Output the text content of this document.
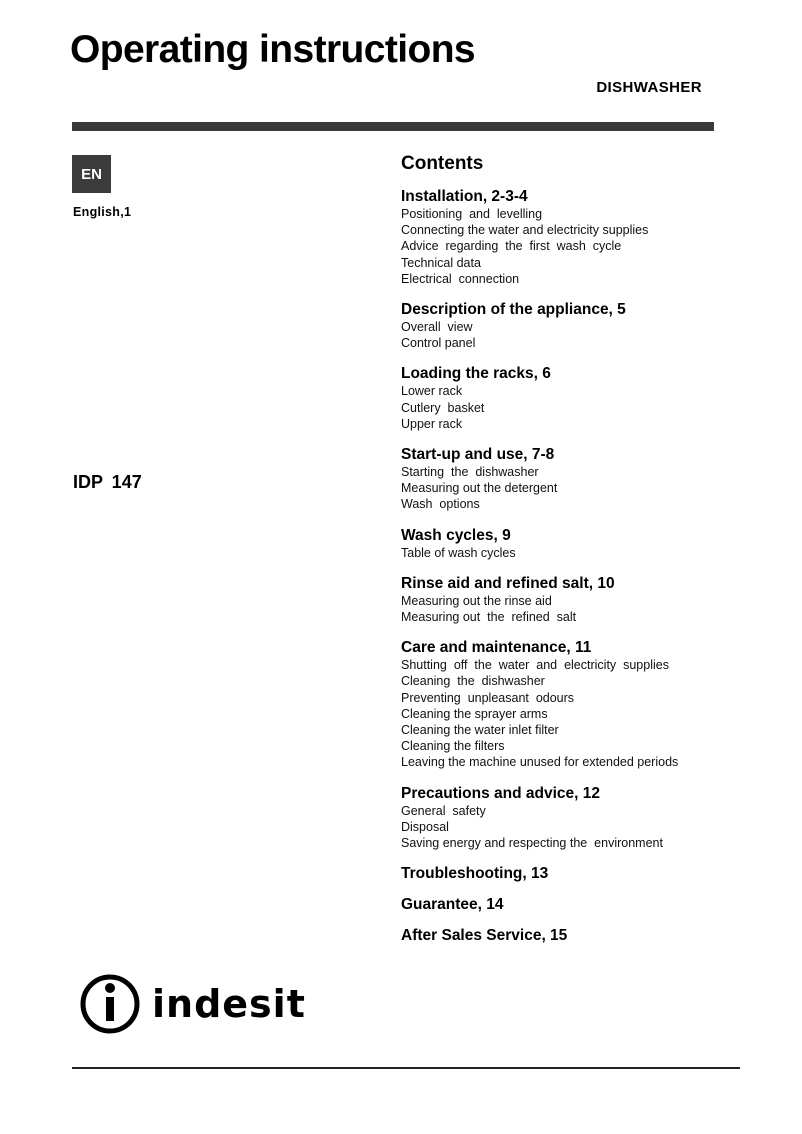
Operating instructions
DISHWASHER
EN
English,1
IDP 147
Contents
Installation, 2-3-4
Positioning  and  levelling
Connecting the water and electricity supplies
Advice  regarding  the  first  wash  cycle
Technical data
Electrical  connection
Description of the appliance, 5
Overall  view
Control panel
Loading the racks, 6
Lower rack
Cutlery  basket
Upper rack
Start-up and use, 7-8
Starting  the  dishwasher
Measuring out the detergent
Wash  options
Wash cycles, 9
Table of wash cycles
Rinse aid and refined salt, 10
Measuring out the rinse aid
Measuring out  the  refined  salt
Care and maintenance, 11
Shutting  off  the  water  and  electricity  supplies
Cleaning  the  dishwasher
Preventing  unpleasant  odours
Cleaning the sprayer arms
Cleaning the water inlet filter
Cleaning the filters
Leaving the machine unused for extended periods
Precautions and advice, 12
General  safety
Disposal
Saving energy and respecting the  environment
Troubleshooting, 13
Guarantee, 14
After Sales Service, 15
indesit
